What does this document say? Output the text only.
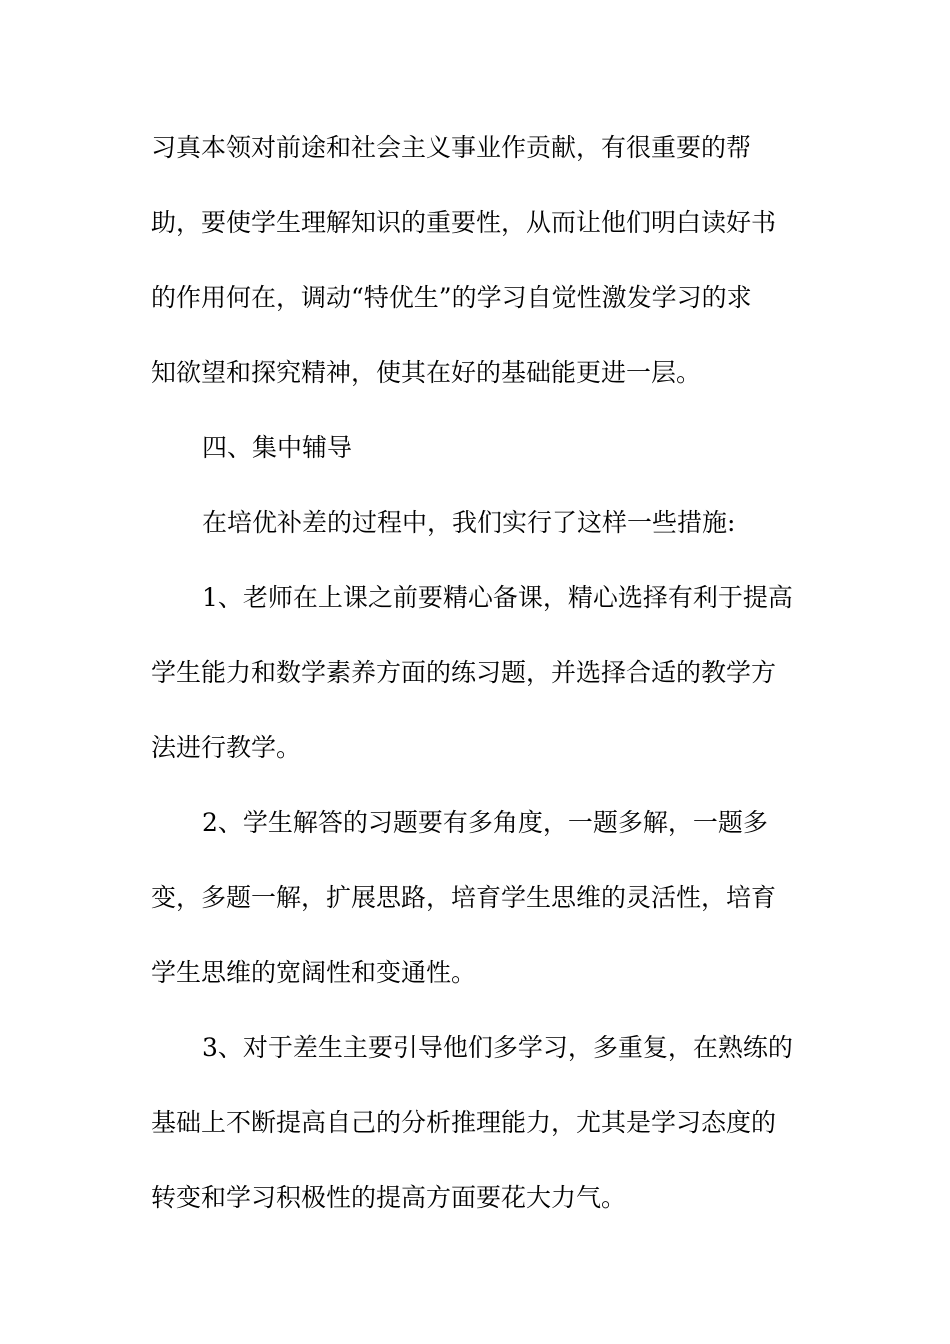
习真本领对前途和社会主义事业作贡献，有很重要的帮
助，要使学生理解知识的重要性，从而让他们明白读好书
的作用何在，调动“特优生”的学习自觉性激发学习的求
知欲望和探究精神，使其在好的基础能更进一层。
四、集中辅导
在培优补差的过程中，我们实行了这样一些措施:
1、老师在上课之前要精心备课，精心选择有利于提高
学生能力和数学素养方面的练习题，并选择合适的教学方
法进行教学。
2、学生解答的习题要有多角度，一题多解，一题多
变，多题一解，扩展思路，培育学生思维的灵活性，培育
学生思维的宽阔性和变通性。
3、对于差生主要引导他们多学习，多重复，在熟练的
基础上不断提高自己的分析推理能力，尤其是学习态度的
转变和学习积极性的提高方面要花大力气。
